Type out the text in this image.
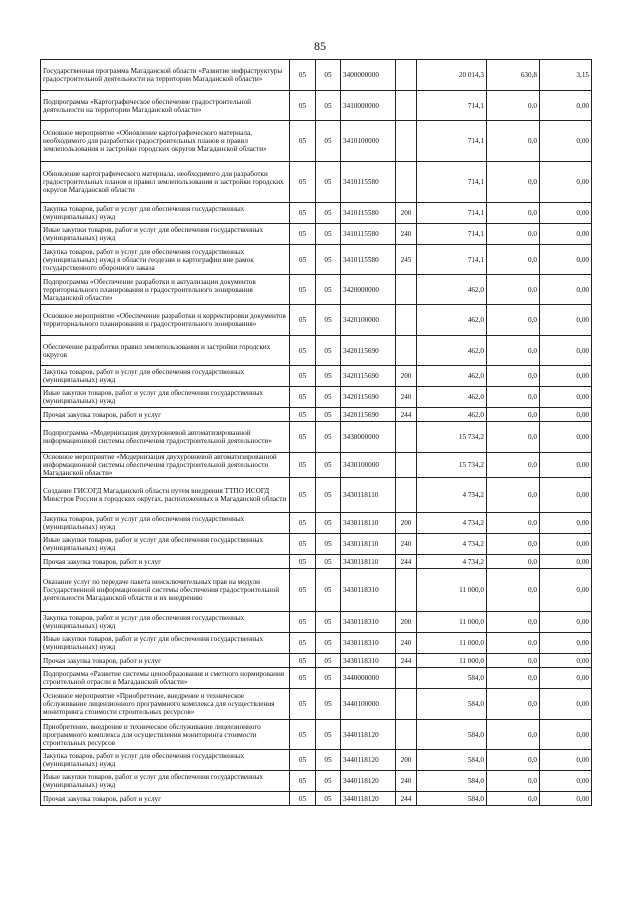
85
Государственная программа Магаданской области «Развитие инфраструктуры градостроительной деятельности на территории Магаданской области»	05	05	3400000000		20 014,3	630,8	3,15
Подпрограмма «Картографическое обеспечение градостроительной деятельности на территории Магаданской области»	05	05	3410000000		714,1	0,0	0,00
Основное мероприятие «Обновление картографического материала, необходимого для разработки градостроительных планов и правил землепользования и застройки городских округов Магаданской области»	05	05	3410100000		714,1	0,0	0,00
Обновление картографического материала, необходимого для разработки градостроительных планов и правил землепользования и застройки городских округов Магаданской области	05	05	3410115580		714,1	0,0	0,00
Закупка товаров, работ и услуг для обеспечения государственных (муниципальных) нужд	05	05	3410115580	200	714,1	0,0	0,00
Иные закупки товаров, работ и услуг для обеспечения государственных (муниципальных) нужд	05	05	3410115580	240	714,1	0,0	0,00
Закупка товаров, работ и услуг для обеспечения государственных (муниципальных) нужд в области геодезии и картографии вне рамок государственного оборонного заказа	05	05	3410115580	245	714,1	0,0	0,00
Подпрограмма «Обеспечение разработки и актуализации документов территориального планирования и градостроительного зонирования Магаданской области»	05	05	3420000000		462,0	0,0	0,00
Основное мероприятие «Обеспечение разработки и корректировки документов территориального планирования и градостроительного зонирования»	05	05	3420100000		462,0	0,0	0,00
Обеспечение разработки правил землепользования и застройки городских округов	05	05	3420115690		462,0	0,0	0,00
Закупка товаров, работ и услуг для обеспечения государственных (муниципальных) нужд	05	05	3420115690	200	462,0	0,0	0,00
Иные закупки товаров, работ и услуг для обеспечения государственных (муниципальных) нужд	05	05	3420115690	240	462,0	0,0	0,00
Прочая закупка товаров, работ и услуг	05	05	3420115690	244	462,0	0,0	0,00
Подпрограмма «Модернизация двухуровневой автоматизированной информационной системы обеспечения градостроительной деятельности»	05	05	3430000000		15 734,2	0,0	0,00
Основное мероприятие «Модернизация двухуровневой автоматизированной информационной системы обеспечения градостроительной деятельности Магаданской области»	05	05	3430100000		15 734,2	0,0	0,00
Создание ГИСОГД Магаданской области путем внедрения ТТПО ИСОГД Минстроя России в городских округах, расположенных в Магаданской области	05	05	3430118110		4 734,2	0,0	0,00
Закупка товаров, работ и услуг для обеспечения государственных (муниципальных) нужд	05	05	3430118110	200	4 734,2	0,0	0,00
Иные закупки товаров, работ и услуг для обеспечения государственных (муниципальных) нужд	05	05	3430118110	240	4 734,2	0,0	0,00
Прочая закупка товаров, работ и услуг	05	05	3430118110	244	4 734,2	0,0	0,00
Оказание услуг по передаче пакета неисключительных прав на модули Государственной информационной системы обеспечения градостроительной деятельности Магаданской области и их внедрению	05	05	3430118310		11 000,0	0,0	0,00
Закупка товаров, работ и услуг для обеспечения государственных (муниципальных) нужд	05	05	3430118310	200	11 000,0	0,0	0,00
Иные закупки товаров, работ и услуг для обеспечения государственных (муниципальных) нужд	05	05	3430118310	240	11 000,0	0,0	0,00
Прочая закупка товаров, работ и услуг	05	05	3430118310	244	11 000,0	0,0	0,00
Подпрограмма «Развитие системы ценообразования и сметного нормирования строительной отрасли в Магаданской области»	05	05	3440000000		584,0	0,0	0,00
Основное мероприятие «Приобретение, внедрение и техническое обслуживание лицензионного программного комплекса для осуществления мониторинга стоимости строительных ресурсов»	05	05	3440100000		584,0	0,0	0,00
Приобретение, внедрение и техническое обслуживание лицензионного программного комплекса для осуществления мониторинга стоимости строительных ресурсов	05	05	3440118120		584,0	0,0	0,00
Закупка товаров, работ и услуг для обеспечения государственных (муниципальных) нужд	05	05	3440118120	200	584,0	0,0	0,00
Иные закупки товаров, работ и услуг для обеспечения государственных (муниципальных) нужд	05	05	3440118120	240	584,0	0,0	0,00
Прочая закупка товаров, работ и услуг	05	05	3440118120	244	584,0	0,0	0,00
